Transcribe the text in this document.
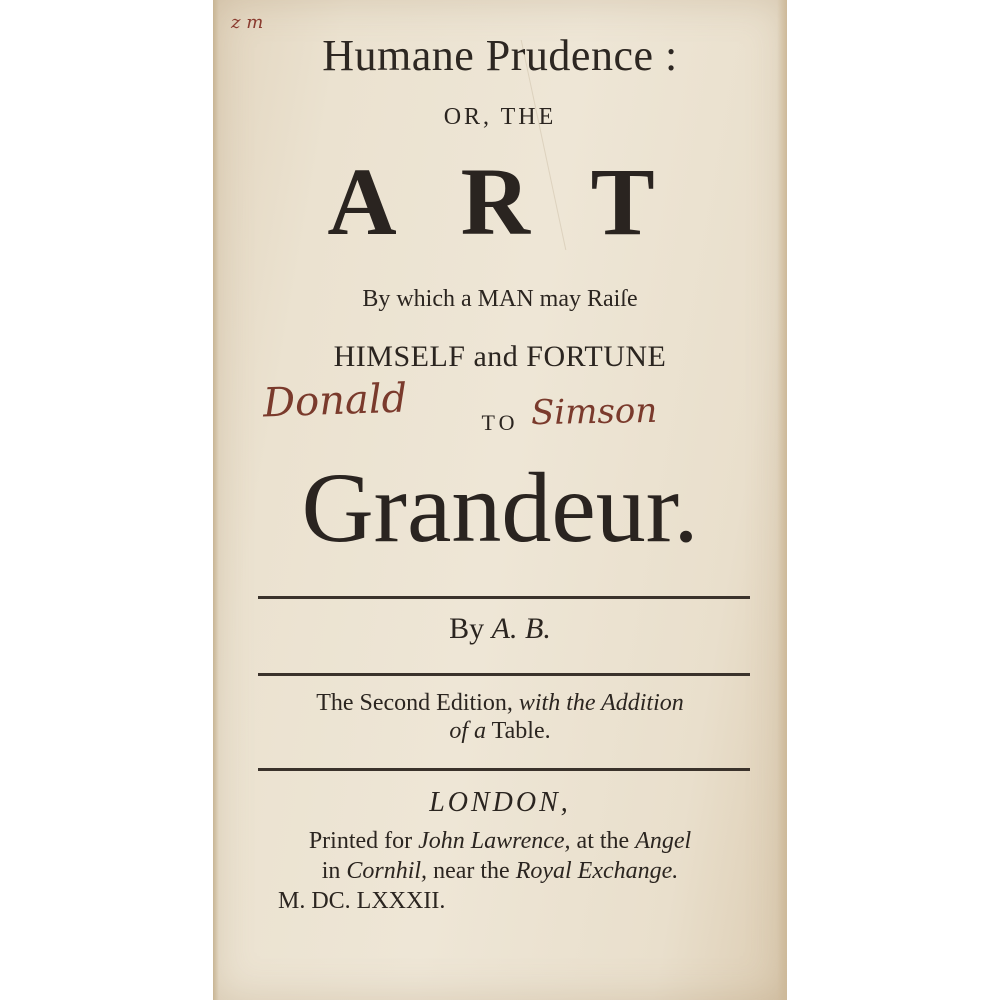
z m
Humane Prudence :
OR, THE
ART
By which a MAN may Raiſe
HIMSELF and FORTUNE
Donald	TO Simson
Grandeur.
By A. B.
The Second Edition, with the Addition
of a Table.
LONDON,
Printed for John Lawrence, at the Angel
in Cornhil, near the Royal Exchange.
M. DC. LXXXII.
